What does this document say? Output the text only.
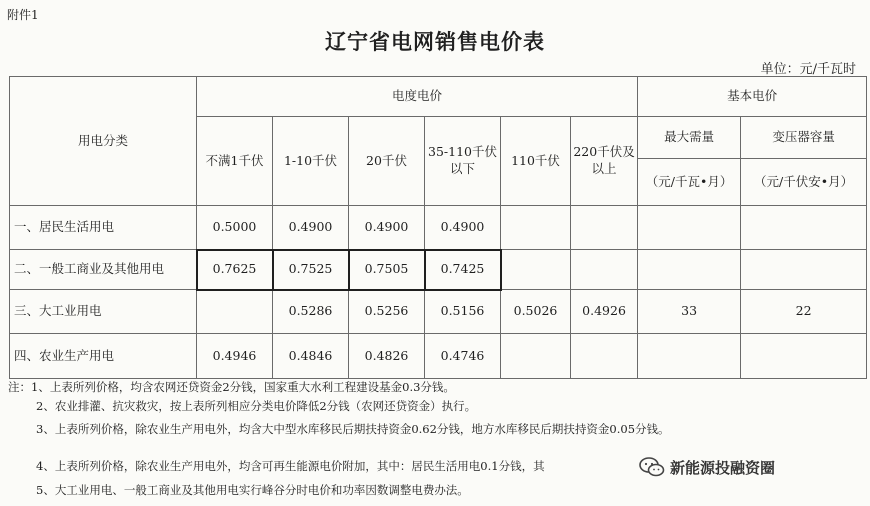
附件1
辽宁省电网销售电价表
单位：元/千瓦时
用电分类	电度电价						基本电价	
	不满1千伏	1-10千伏	20千伏	35-110千伏以下	110千伏	220千伏及以上	最大需量	变压器容量
							（元/千瓦•月）	（元/千伏安•月）
一、居民生活用电	0.5000	0.4900	0.4900	0.4900				
二、一般工商业及其他用电	0.7625	0.7525	0.7505	0.7425				
三、大工业用电		0.5286	0.5256	0.5156	0.5026	0.4926	33	22
四、农业生产用电	0.4946	0.4846	0.4826	0.4746				
注：1、上表所列价格，均含农网还贷资金2分钱，国家重大水利工程建设基金0.3分钱。
2、农业排灌、抗灾救灾，按上表所列相应分类电价降低2分钱（农网还贷资金）执行。
3、上表所列价格，除农业生产用电外，均含大中型水库移民后期扶持资金0.62分钱，地方水库移民后期扶持资金0.05分钱。
4、上表所列价格，除农业生产用电外，均含可再生能源电价附加，其中：居民生活用电0.1分钱，其
5、大工业用电、一般工商业及其他用电实行峰谷分时电价和功率因数调整电费办法。
新能源投融资圈
